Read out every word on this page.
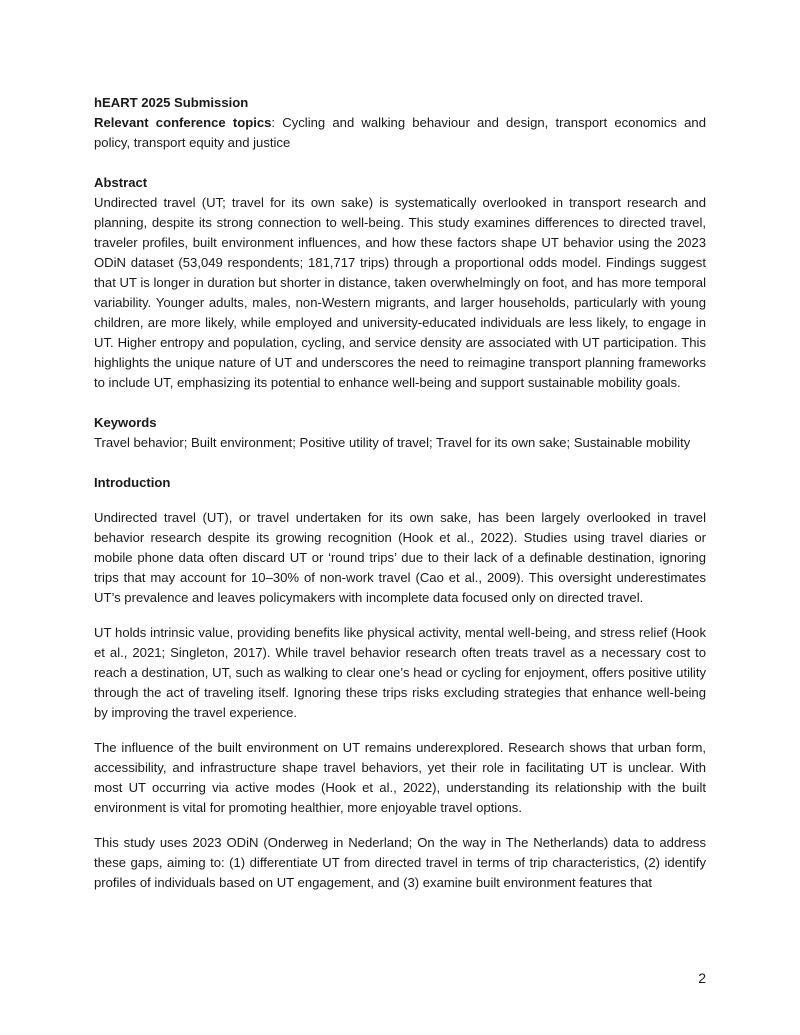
hEART 2025 Submission

Relevant conference topics: Cycling and walking behaviour and design, transport economics and policy, transport equity and justice

Abstract

Undirected travel (UT; travel for its own sake) is systematically overlooked in transport research and planning, despite its strong connection to well-being. This study examines differences to directed travel, traveler profiles, built environment influences, and how these factors shape UT behavior using the 2023 ODiN dataset (53,049 respondents; 181,717 trips) through a proportional odds model. Findings suggest that UT is longer in duration but shorter in distance, taken overwhelmingly on foot, and has more temporal variability. Younger adults, males, non-Western migrants, and larger households, particularly with young children, are more likely, while employed and university-educated individuals are less likely, to engage in UT. Higher entropy and population, cycling, and service density are associated with UT participation. This highlights the unique nature of UT and underscores the need to reimagine transport planning frameworks to include UT, emphasizing its potential to enhance well-being and support sustainable mobility goals.

Keywords

Travel behavior; Built environment; Positive utility of travel; Travel for its own sake; Sustainable mobility

Introduction

Undirected travel (UT), or travel undertaken for its own sake, has been largely overlooked in travel behavior research despite its growing recognition (Hook et al., 2022). Studies using travel diaries or mobile phone data often discard UT or ‘round trips’ due to their lack of a definable destination, ignoring trips that may account for 10–30% of non-work travel (Cao et al., 2009). This oversight underestimates UT’s prevalence and leaves policymakers with incomplete data focused only on directed travel.

UT holds intrinsic value, providing benefits like physical activity, mental well-being, and stress relief (Hook et al., 2021; Singleton, 2017). While travel behavior research often treats travel as a necessary cost to reach a destination, UT, such as walking to clear one’s head or cycling for enjoyment, offers positive utility through the act of traveling itself. Ignoring these trips risks excluding strategies that enhance well-being by improving the travel experience.

The influence of the built environment on UT remains underexplored. Research shows that urban form, accessibility, and infrastructure shape travel behaviors, yet their role in facilitating UT is unclear. With most UT occurring via active modes (Hook et al., 2022), understanding its relationship with the built environment is vital for promoting healthier, more enjoyable travel options.

This study uses 2023 ODiN (Onderweg in Nederland; On the way in The Netherlands) data to address these gaps, aiming to: (1) differentiate UT from directed travel in terms of trip characteristics, (2) identify profiles of individuals based on UT engagement, and (3) examine built environment features that

2
